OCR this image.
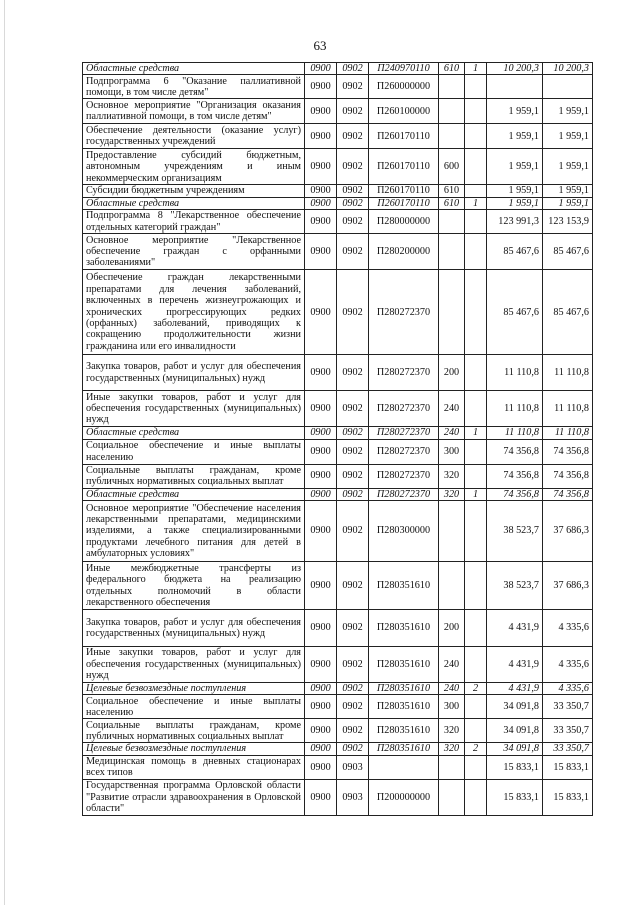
63
Областные средства	0900	0902	П240970110	610	1	10 200,3	10 200,3
Подпрограмма 6 "Оказание паллиативной помощи, в том числе детям"	0900	0902	П260000000				
Основное мероприятие "Организация оказания паллиативной помощи, в том числе детям"	0900	0902	П260100000			1 959,1	1 959,1
Обеспечение деятельности (оказание услуг) государственных учреждений	0900	0902	П260170110			1 959,1	1 959,1
Предоставление субсидий бюджетным, автономным учреждениям и иным некоммерческим организациям	0900	0902	П260170110	600		1 959,1	1 959,1
Субсидии бюджетным учреждениям	0900	0902	П260170110	610		1 959,1	1 959,1
Областные средства	0900	0902	П260170110	610	1	1 959,1	1 959,1
Подпрограмма 8 "Лекарственное обеспечение отдельных категорий граждан"	0900	0902	П280000000			123 991,3	123 153,9
Основное мероприятие "Лекарственное обеспечение граждан с орфанными заболеваниями"	0900	0902	П280200000			85 467,6	85 467,6
Обеспечение граждан лекарственными препаратами для лечения заболеваний, включенных в перечень жизнеугрожающих и хронических прогрессирующих редких (орфанных) заболеваний, приводящих к сокращению продолжительности жизни гражданина или его инвалидности	0900	0902	П280272370			85 467,6	85 467,6
Закупка товаров, работ и услуг для обеспечения государственных (муниципальных) нужд	0900	0902	П280272370	200		11 110,8	11 110,8
Иные закупки товаров, работ и услуг для обеспечения государственных (муниципальных) нужд	0900	0902	П280272370	240		11 110,8	11 110,8
Областные средства	0900	0902	П280272370	240	1	11 110,8	11 110,8
Социальное обеспечение и иные выплаты населению	0900	0902	П280272370	300		74 356,8	74 356,8
Социальные выплаты гражданам, кроме публичных нормативных социальных выплат	0900	0902	П280272370	320		74 356,8	74 356,8
Областные средства	0900	0902	П280272370	320	1	74 356,8	74 356,8
Основное мероприятие "Обеспечение населения лекарственными препаратами, медицинскими изделиями, а также специализированными продуктами лечебного питания для детей в амбулаторных условиях"	0900	0902	П280300000			38 523,7	37 686,3
Иные межбюджетные трансферты из федерального бюджета на реализацию отдельных полномочий в области лекарственного обеспечения	0900	0902	П280351610			38 523,7	37 686,3
Закупка товаров, работ и услуг для обеспечения государственных (муниципальных) нужд	0900	0902	П280351610	200		4 431,9	4 335,6
Иные закупки товаров, работ и услуг для обеспечения государственных (муниципальных) нужд	0900	0902	П280351610	240		4 431,9	4 335,6
Целевые безвозмездные поступления	0900	0902	П280351610	240	2	4 431,9	4 335,6
Социальное обеспечение и иные выплаты населению	0900	0902	П280351610	300		34 091,8	33 350,7
Социальные выплаты гражданам, кроме публичных нормативных социальных выплат	0900	0902	П280351610	320		34 091,8	33 350,7
Целевые безвозмездные поступления	0900	0902	П280351610	320	2	34 091,8	33 350,7
Медицинская помощь в дневных стационарах всех типов	0900	0903				15 833,1	15 833,1
Государственная программа Орловской области "Развитие отрасли здравоохранения в Орловской области"	0900	0903	П200000000			15 833,1	15 833,1
